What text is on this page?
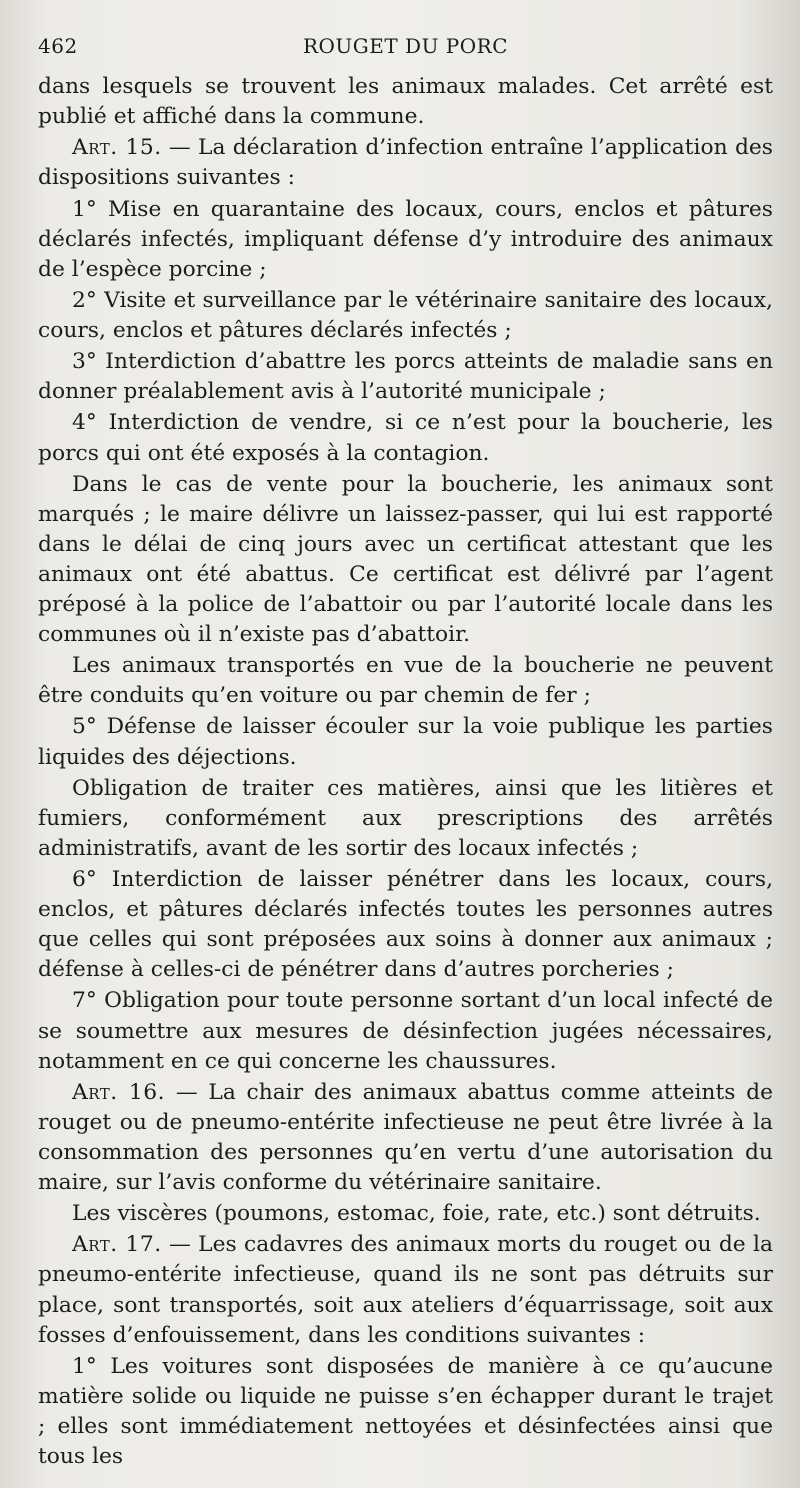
462	ROUGET DU PORC

dans lesquels se trouvent les animaux malades. Cet arrêté est publié et affiché dans la commune.

Art. 15. — La déclaration d’infection entraîne l’application des dispositions suivantes :

1° Mise en quarantaine des locaux, cours, enclos et pâtures déclarés infectés, impliquant défense d’y introduire des animaux de l’espèce porcine ;

2° Visite et surveillance par le vétérinaire sanitaire des locaux, cours, enclos et pâtures déclarés infectés ;

3° Interdiction d’abattre les porcs atteints de maladie sans en donner préalablement avis à l’autorité municipale ;

4° Interdiction de vendre, si ce n’est pour la boucherie, les porcs qui ont été exposés à la contagion.

Dans le cas de vente pour la boucherie, les animaux sont marqués ; le maire délivre un laissez-passer, qui lui est rapporté dans le délai de cinq jours avec un certificat attestant que les animaux ont été abattus. Ce certificat est délivré par l’agent préposé à la police de l’abattoir ou par l’autorité locale dans les communes où il n’existe pas d’abattoir.

Les animaux transportés en vue de la boucherie ne peuvent être conduits qu’en voiture ou par chemin de fer ;

5° Défense de laisser écouler sur la voie publique les parties liquides des déjections.

Obligation de traiter ces matières, ainsi que les litières et fumiers, conformément aux prescriptions des arrêtés administratifs, avant de les sortir des locaux infectés ;

6° Interdiction de laisser pénétrer dans les locaux, cours, enclos, et pâtures déclarés infectés toutes les personnes autres que celles qui sont préposées aux soins à donner aux animaux ; défense à celles-ci de pénétrer dans d’autres porcheries ;

7° Obligation pour toute personne sortant d’un local infecté de se soumettre aux mesures de désinfection jugées nécessaires, notamment en ce qui concerne les chaussures.

Art. 16. — La chair des animaux abattus comme atteints de rouget ou de pneumo-entérite infectieuse ne peut être livrée à la consommation des personnes qu’en vertu d’une autorisation du maire, sur l’avis conforme du vétérinaire sanitaire.

Les viscères (poumons, estomac, foie, rate, etc.) sont détruits.

Art. 17. — Les cadavres des animaux morts du rouget ou de la pneumo-entérite infectieuse, quand ils ne sont pas détruits sur place, sont transportés, soit aux ateliers d’équarrissage, soit aux fosses d’enfouissement, dans les conditions suivantes :

1° Les voitures sont disposées de manière à ce qu’aucune matière solide ou liquide ne puisse s’en échapper durant le trajet ; elles sont immédiatement nettoyées et désinfectées ainsi que tous les
